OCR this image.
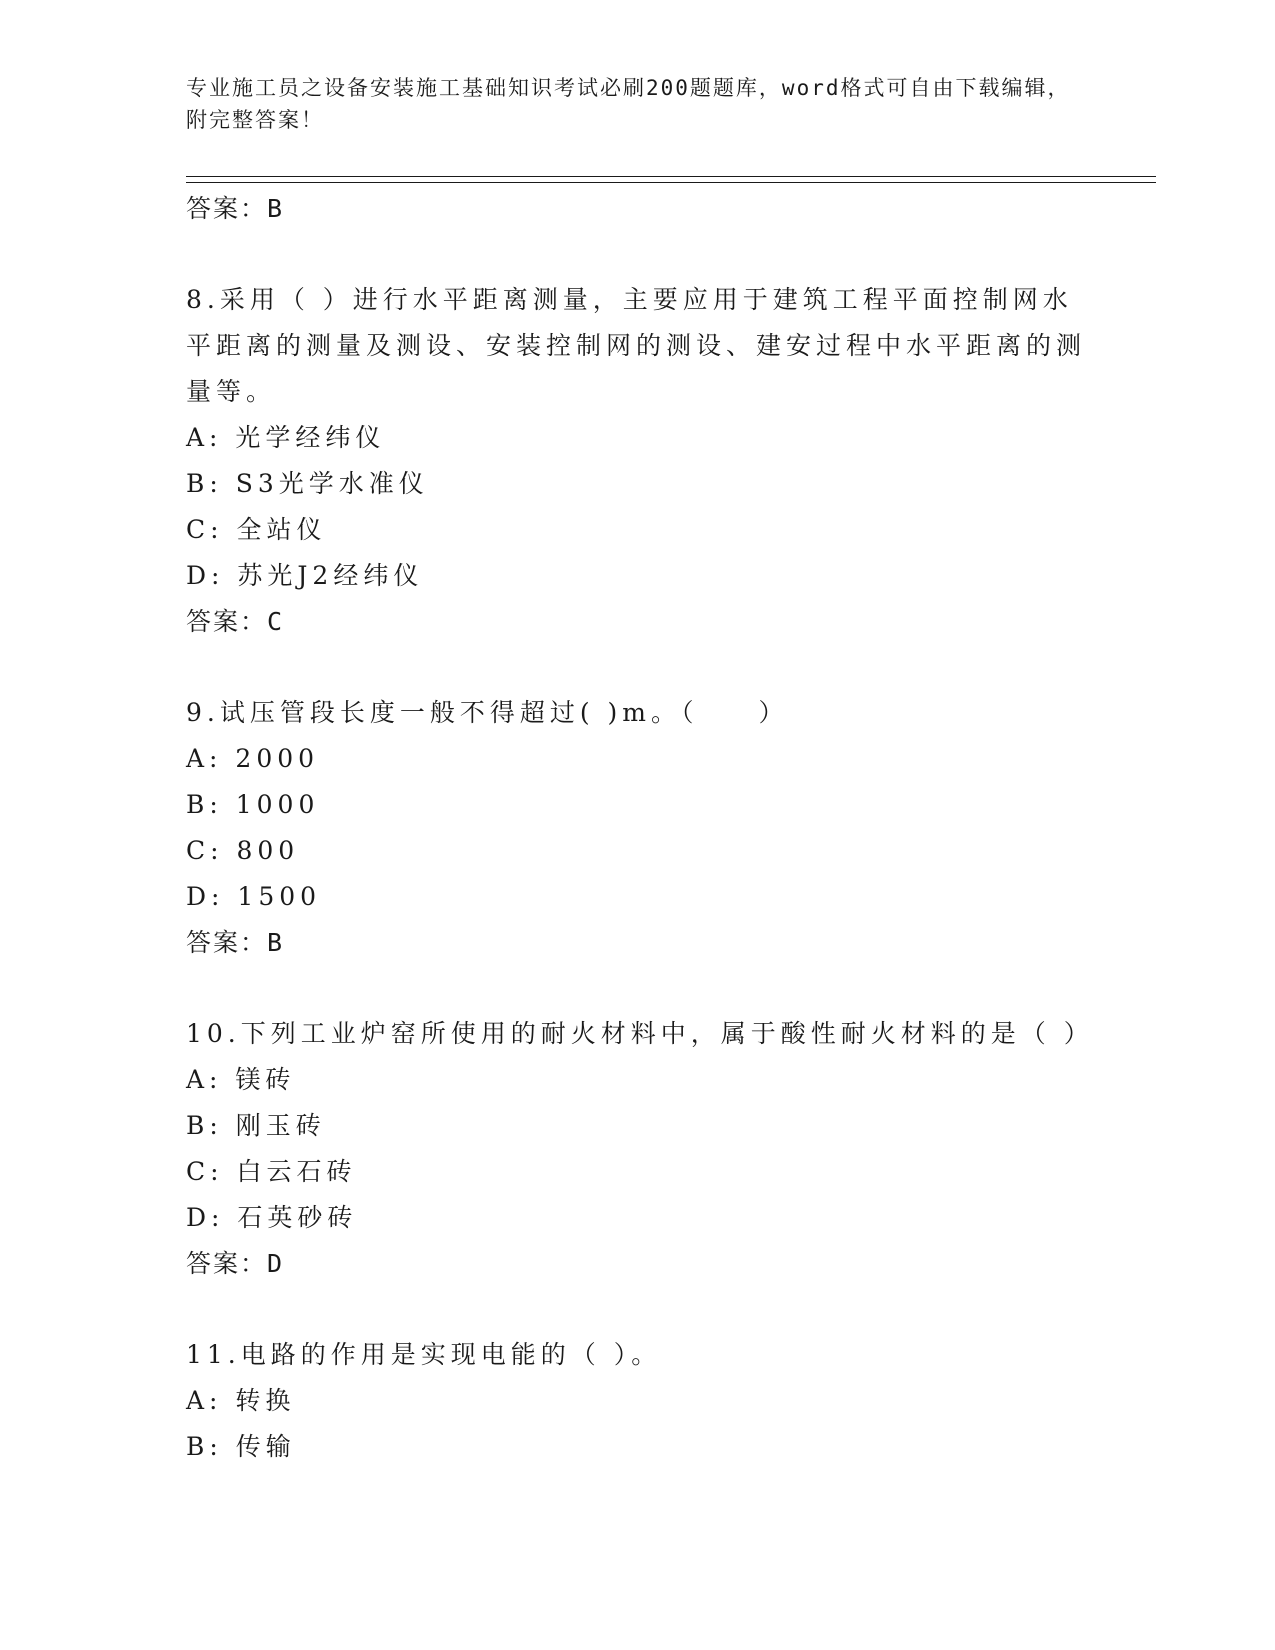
专业施工员之设备安装施工基础知识考试必刷200题题库，word格式可自由下载编辑，附完整答案！

答案：B

8.采用（ ）进行水平距离测量，主要应用于建筑工程平面控制网水平距离的测量及测设、安装控制网的测设、建安过程中水平距离的测量等。

A: 光学经纬仪

B: S3光学水准仪

C: 全站仪

D: 苏光J2经纬仪

答案：C

9.试压管段长度一般不得超过( )m。（　　）

A: 2000

B: 1000

C: 800

D: 1500

答案：B

10.下列工业炉窑所使用的耐火材料中，属于酸性耐火材料的是（ ）

A: 镁砖

B: 刚玉砖

C: 白云石砖

D: 石英砂砖

答案：D

11.电路的作用是实现电能的（ ）。

A: 转换

B: 传输
